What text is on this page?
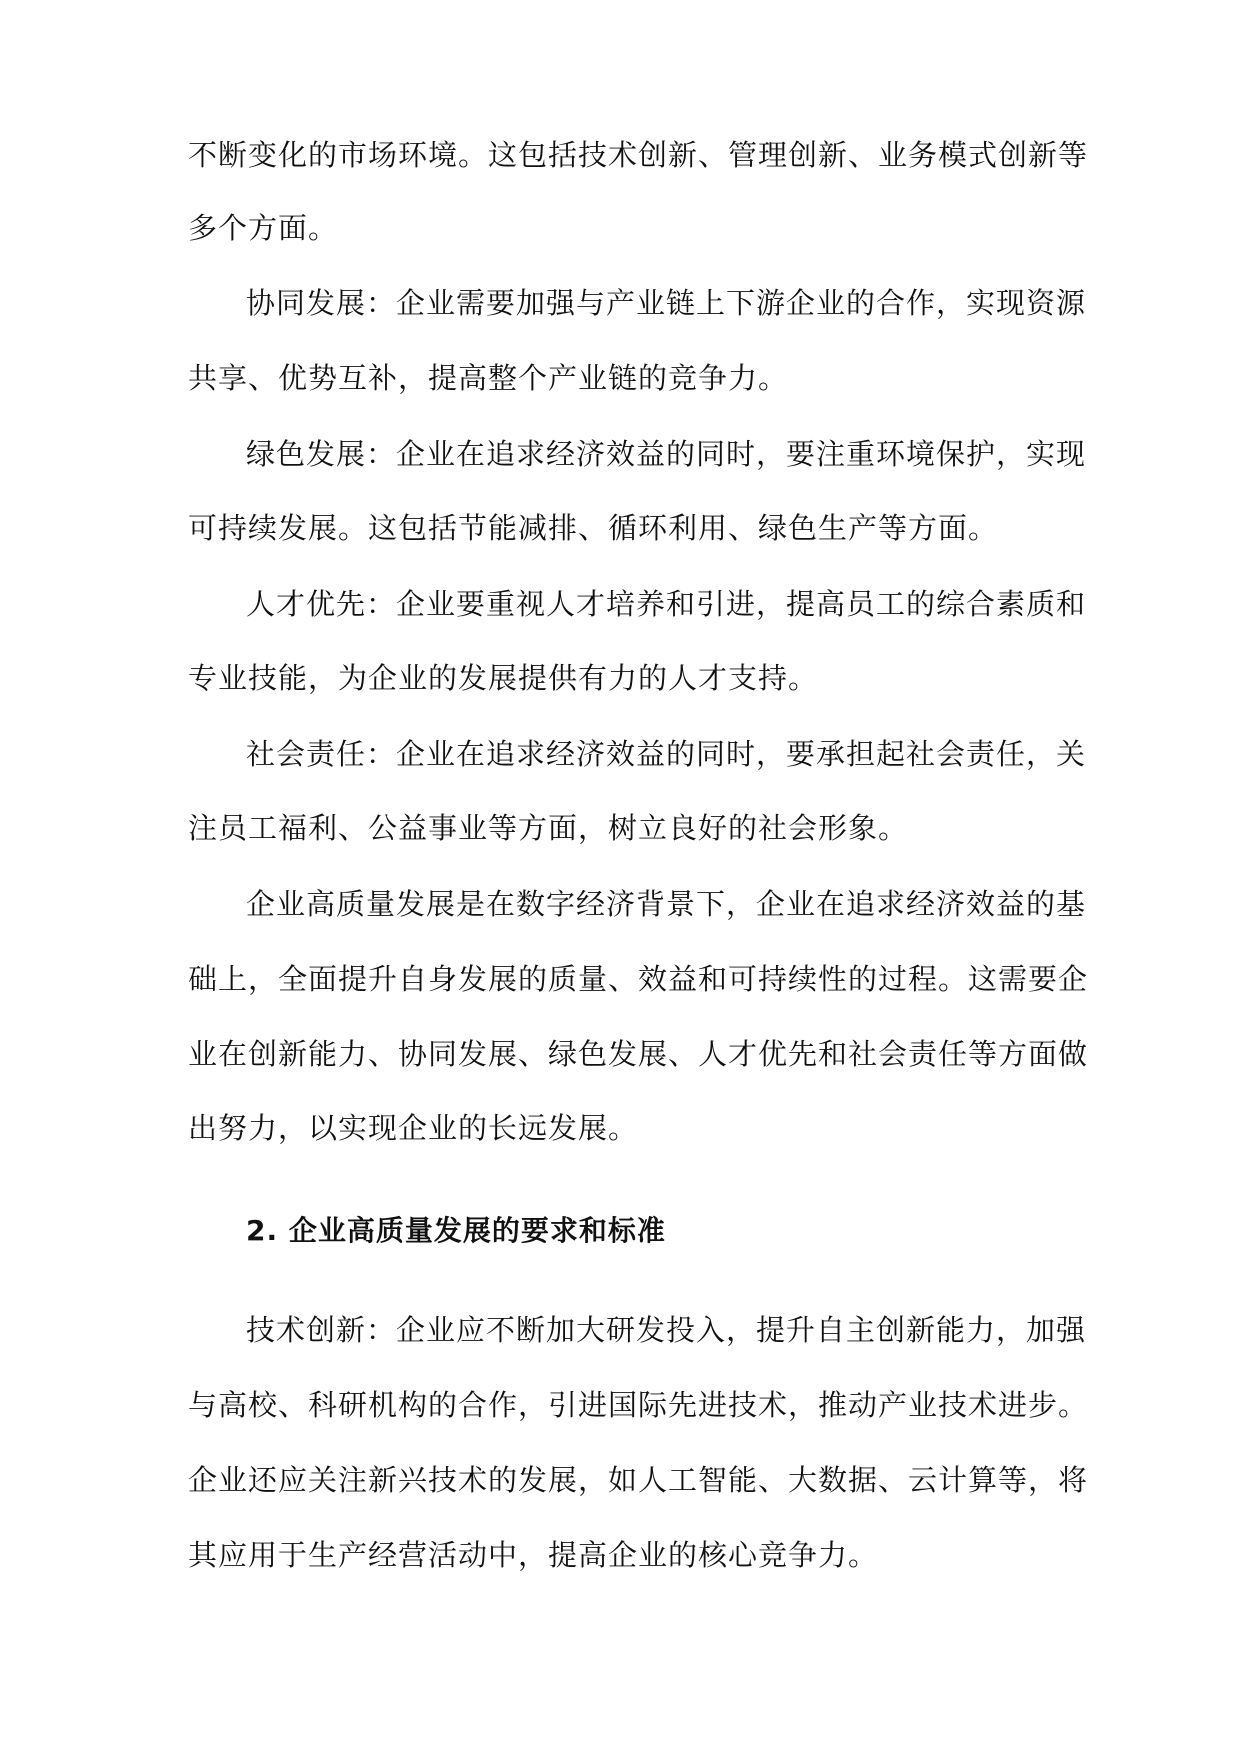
不断变化的市场环境。这包括技术创新、管理创新、业务模式创新等
多个方面。
协同发展：企业需要加强与产业链上下游企业的合作，实现资源
共享、优势互补，提高整个产业链的竞争力。
绿色发展：企业在追求经济效益的同时，要注重环境保护，实现
可持续发展。这包括节能减排、循环利用、绿色生产等方面。
人才优先：企业要重视人才培养和引进，提高员工的综合素质和
专业技能，为企业的发展提供有力的人才支持。
社会责任：企业在追求经济效益的同时，要承担起社会责任，关
注员工福利、公益事业等方面，树立良好的社会形象。
企业高质量发展是在数字经济背景下，企业在追求经济效益的基
础上，全面提升自身发展的质量、效益和可持续性的过程。这需要企
业在创新能力、协同发展、绿色发展、人才优先和社会责任等方面做
出努力，以实现企业的长远发展。
2. 企业高质量发展的要求和标准
技术创新：企业应不断加大研发投入，提升自主创新能力，加强
与高校、科研机构的合作，引进国际先进技术，推动产业技术进步。
企业还应关注新兴技术的发展，如人工智能、大数据、云计算等，将
其应用于生产经营活动中，提高企业的核心竞争力。
